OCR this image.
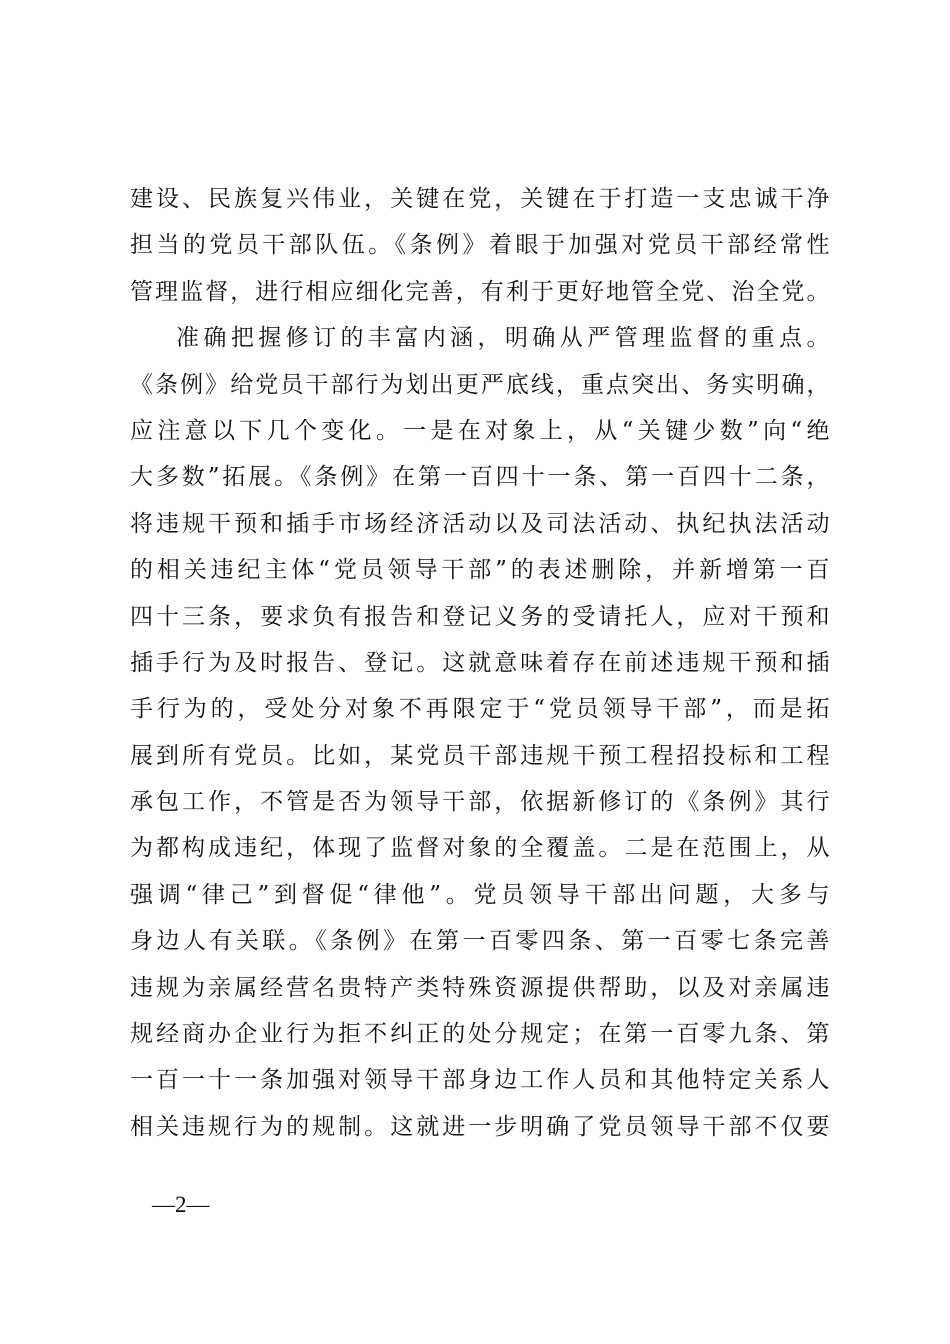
建设、民族复兴伟业，关键在党，关键在于打造一支忠诚干净
担当的党员干部队伍。《条例》着眼于加强对党员干部经常性
管理监督，进行相应细化完善，有利于更好地管全党、治全党。
准确把握修订的丰富内涵，明确从严管理监督的重点。
《条例》给党员干部行为划出更严底线，重点突出、务实明确，
应注意以下几个变化。一是在对象上，从“关键少数”向“绝
大多数”拓展。《条例》在第一百四十一条、第一百四十二条，
将违规干预和插手市场经济活动以及司法活动、执纪执法活动
的相关违纪主体“党员领导干部”的表述删除，并新增第一百
四十三条，要求负有报告和登记义务的受请托人，应对干预和
插手行为及时报告、登记。这就意味着存在前述违规干预和插
手行为的，受处分对象不再限定于“党员领导干部”，而是拓
展到所有党员。比如，某党员干部违规干预工程招投标和工程
承包工作，不管是否为领导干部，依据新修订的《条例》其行
为都构成违纪，体现了监督对象的全覆盖。二是在范围上，从
强调“律己”到督促“律他”。党员领导干部出问题，大多与
身边人有关联。《条例》在第一百零四条、第一百零七条完善
违规为亲属经营名贵特产类特殊资源提供帮助，以及对亲属违
规经商办企业行为拒不纠正的处分规定；在第一百零九条、第
一百一十一条加强对领导干部身边工作人员和其他特定关系人
相关违规行为的规制。这就进一步明确了党员领导干部不仅要
—2—
